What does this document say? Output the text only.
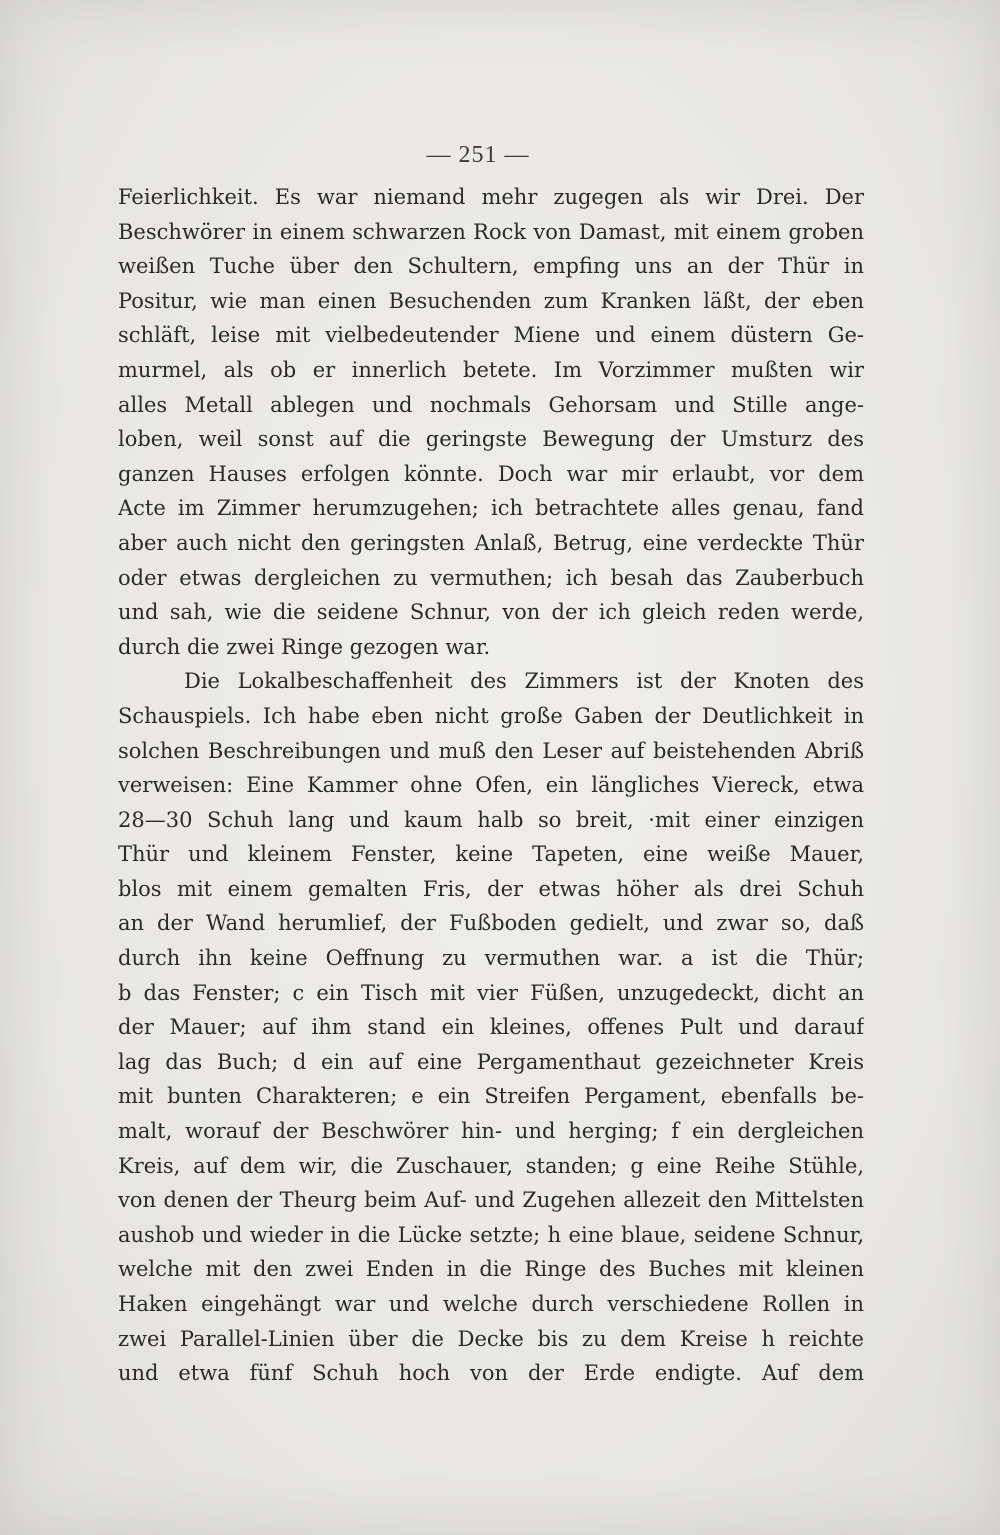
— 251 —
Feierlichkeit. Es war niemand mehr zugegen als wir Drei. Der
Beschwörer in einem schwarzen Rock von Damast, mit einem groben
weißen Tuche über den Schultern, empfing uns an der Thür in
Positur, wie man einen Besuchenden zum Kranken läßt, der eben
schläft, leise mit vielbedeutender Miene und einem düstern Ge-
murmel, als ob er innerlich betete. Im Vorzimmer mußten wir
alles Metall ablegen und nochmals Gehorsam und Stille ange-
loben, weil sonst auf die geringste Bewegung der Umsturz des
ganzen Hauses erfolgen könnte. Doch war mir erlaubt, vor dem
Acte im Zimmer herumzugehen; ich betrachtete alles genau, fand
aber auch nicht den geringsten Anlaß, Betrug, eine verdeckte Thür
oder etwas dergleichen zu vermuthen; ich besah das Zauberbuch
und sah, wie die seidene Schnur, von der ich gleich reden werde,
durch die zwei Ringe gezogen war.
Die Lokalbeschaffenheit des Zimmers ist der Knoten des
Schauspiels. Ich habe eben nicht große Gaben der Deutlichkeit in
solchen Beschreibungen und muß den Leser auf beistehenden Abriß
verweisen: Eine Kammer ohne Ofen, ein längliches Viereck, etwa
28—30 Schuh lang und kaum halb so breit, ·mit einer einzigen
Thür und kleinem Fenster, keine Tapeten, eine weiße Mauer,
blos mit einem gemalten Fris, der etwas höher als drei Schuh
an der Wand herumlief, der Fußboden gedielt, und zwar so, daß
durch ihn keine Oeffnung zu vermuthen war. a ist die Thür;
b das Fenster; c ein Tisch mit vier Füßen, unzugedeckt, dicht an
der Mauer; auf ihm stand ein kleines, offenes Pult und darauf
lag das Buch; d ein auf eine Pergamenthaut gezeichneter Kreis
mit bunten Charakteren; e ein Streifen Pergament, ebenfalls be-
malt, worauf der Beschwörer hin- und herging; f ein dergleichen
Kreis, auf dem wir, die Zuschauer, standen; g eine Reihe Stühle,
von denen der Theurg beim Auf- und Zugehen allezeit den Mittelsten
aushob und wieder in die Lücke setzte; h eine blaue, seidene Schnur,
welche mit den zwei Enden in die Ringe des Buches mit kleinen
Haken eingehängt war und welche durch verschiedene Rollen in
zwei Parallel-Linien über die Decke bis zu dem Kreise h reichte
und etwa fünf Schuh hoch von der Erde endigte. Auf dem
